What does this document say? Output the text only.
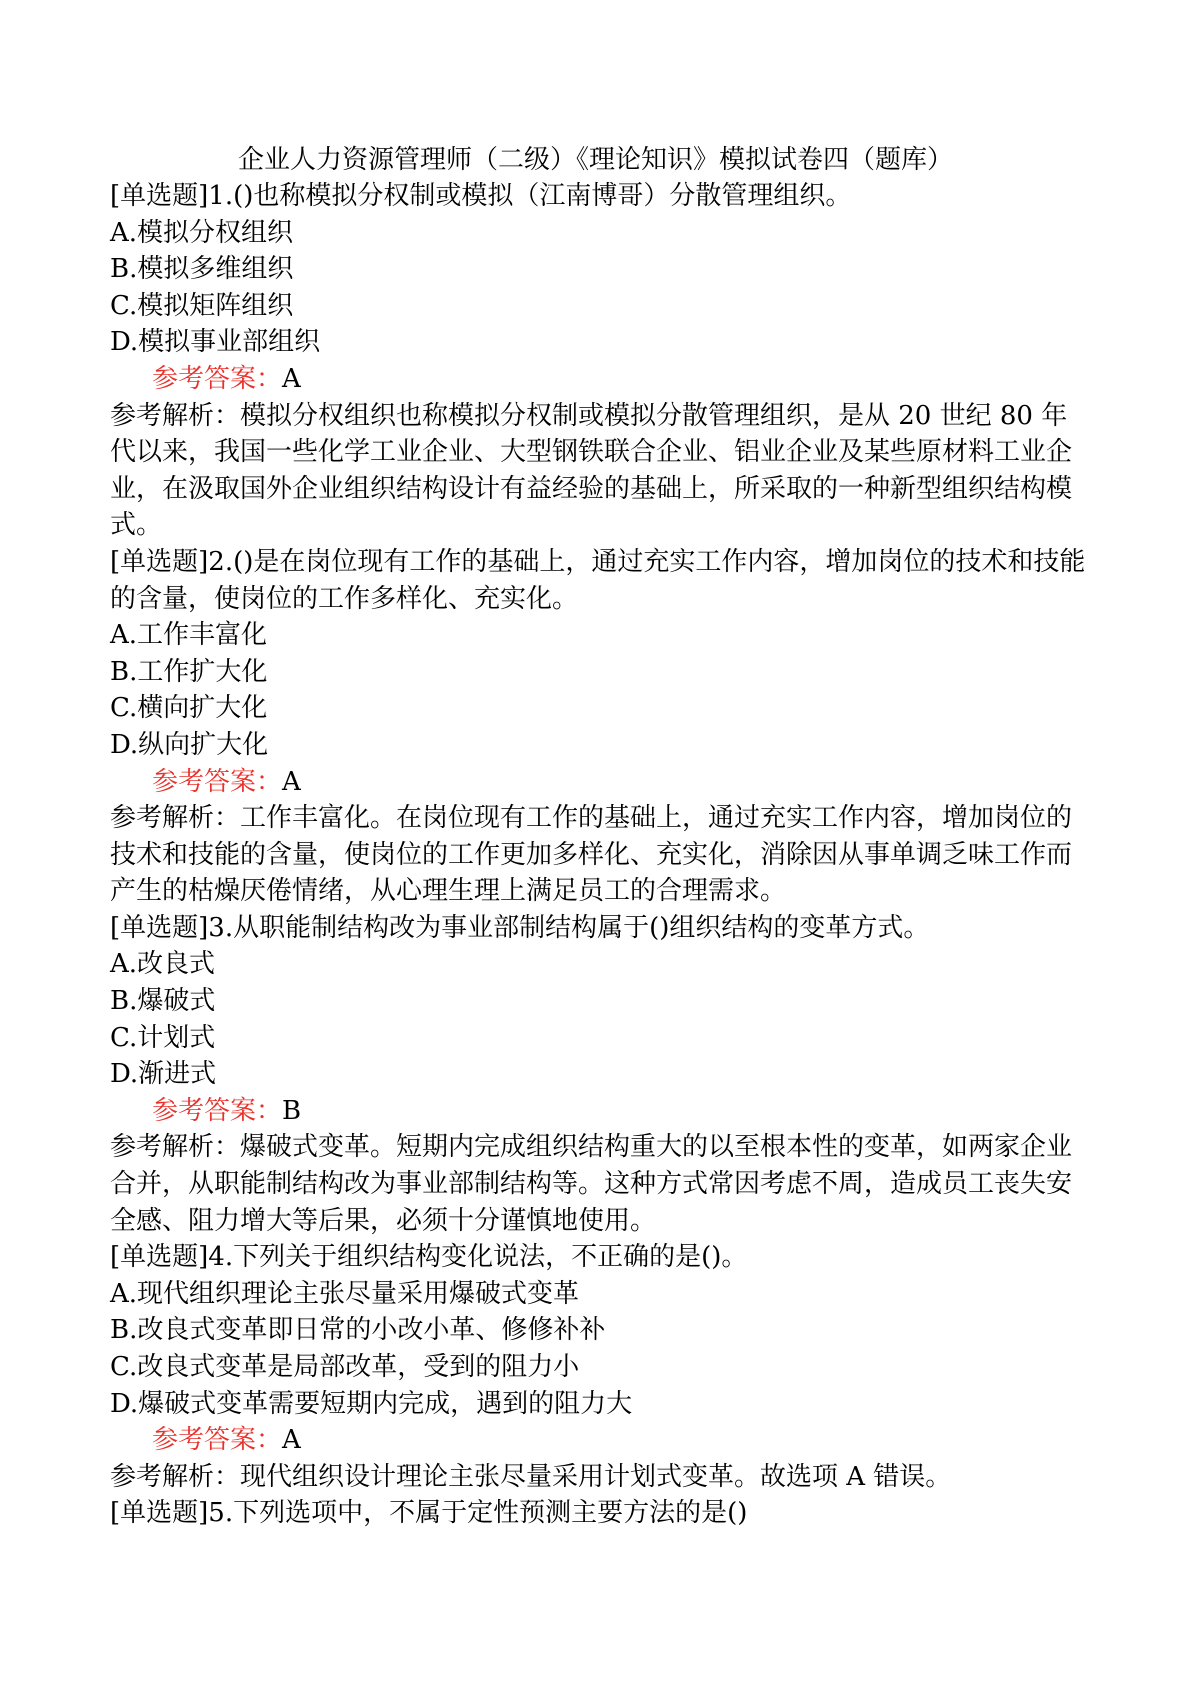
企业人力资源管理师（二级）《理论知识》模拟试卷四（题库）
[单选题]1.()也称模拟分权制或模拟（江南博哥）分散管理组织。
A.模拟分权组织
B.模拟多维组织
C.模拟矩阵组织
D.模拟事业部组织
参考答案：A
参考解析：模拟分权组织也称模拟分权制或模拟分散管理组织，是从 20 世纪 80 年代以来，我国一些化学工业企业、大型钢铁联合企业、铝业企业及某些原材料工业企业，在汲取国外企业组织结构设计有益经验的基础上，所采取的一种新型组织结构模式。
[单选题]2.()是在岗位现有工作的基础上，通过充实工作内容，增加岗位的技术和技能的含量，使岗位的工作多样化、充实化。
A.工作丰富化
B.工作扩大化
C.横向扩大化
D.纵向扩大化
参考答案：A
参考解析：工作丰富化。在岗位现有工作的基础上，通过充实工作内容，增加岗位的技术和技能的含量，使岗位的工作更加多样化、充实化，消除因从事单调乏味工作而产生的枯燥厌倦情绪，从心理生理上满足员工的合理需求。
[单选题]3.从职能制结构改为事业部制结构属于()组织结构的变革方式。
A.改良式
B.爆破式
C.计划式
D.渐进式
参考答案：B
参考解析：爆破式变革。短期内完成组织结构重大的以至根本性的变革，如两家企业合并，从职能制结构改为事业部制结构等。这种方式常因考虑不周，造成员工丧失安全感、阻力增大等后果，必须十分谨慎地使用。
[单选题]4.下列关于组织结构变化说法，不正确的是()。
A.现代组织理论主张尽量采用爆破式变革
B.改良式变革即日常的小改小革、修修补补
C.改良式变革是局部改革，受到的阻力小
D.爆破式变革需要短期内完成，遇到的阻力大
参考答案：A
参考解析：现代组织设计理论主张尽量采用计划式变革。故选项 A 错误。
[单选题]5.下列选项中，不属于定性预测主要方法的是()
